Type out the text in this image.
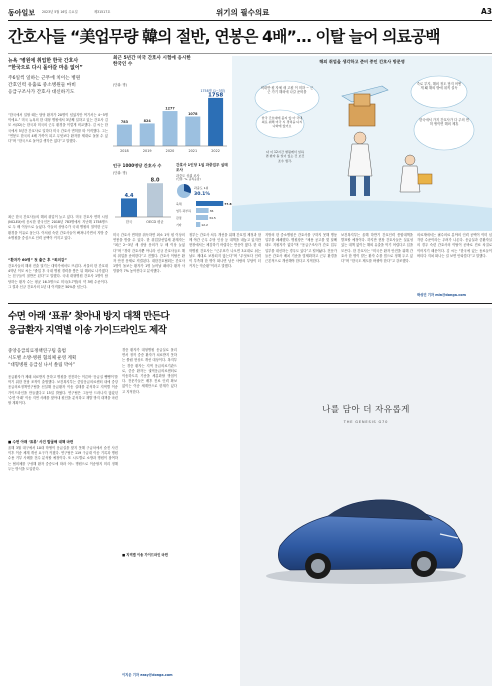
동아일보 2023년 5월 16일 수요일	제31517호	위기의 필수의료	A3
간호사들 “美업무량 韓의 절반, 연봉은 4배”… 이탈 늘어 의료공백
뉴욕 ‘병원에 취업한 한국 간호사
“한국으로 다시 돌아갈 마음 없어”
주6일씩 일하는 근무에 치이는 병원
간호인력 유출로 중소병원들 마비
응급구조사가 간호사 대신하기도
“한국에서 일할 때는 담당 환자가 20명이 넘었지만 여기서는 4~5명이에요.” 미국 뉴욕의 한 대형 병원에서 3년째 일하고 있는 간호사 김모 씨(32)는 한국과 미국의 근무 환경을 이렇게 비교했다. 김 씨는 한국에서 5년간 간호사로 일하다 미국 간호사 면허를 따 이직했다. 그는 “연봉도 한국의 4배 가까이 되고 무엇보다 환자를 제대로 돌볼 수 있다”며 “한국으로 돌아갈 생각은 없다”고 말했다.
최근 한국 간호사들의 해외 취업이 늘고 있다. 미국 간호사 면허 시험(NCLEX)에 응시한 한국인은 2018년 783명에서 지난해 1758명으로 두 배 이상으로 늘었다. 이들의 상당수가 국내 병원의 열악한 근무 환경을 이유로 꼽는다. 이처럼 숙련 간호사들이 빠져나가면서 지방 중소병원을 중심으로 인력 공백이 커지고 있다.
최근 5년간 미국 간호사 시험에 응시한 한국인 수
(단위: 명)
783
2018
824
2019
1277
2020
1078
2021
1758
2022
1758명 (1~3월)
해외 취업을 생각하고 준비 중인 간호사 방문영
비대면·원 자체 새 고원 이 미하 ~ 근근 가기 해외에 나갈 준비를
한국 간호대에 붙지 않 아 국내 의료 위해 미국 시 경력을 다시 나와에 있어요
다 이 12시간 병원에서 일하면 환자 돌 일이 있는 건 보건 조수 생각.
죽로 부지, 해외 정도 닿지 어떻게 돼 해외 밖에 취직 설득
한국에서 가지 간호사가 다 주의 면허 생이면 해외 제휴
인구 1000명당 간호사 수
(단위: 명)
4.4
한국
8.0
OECD 평균
간호사 1인당 1일 과중업무 실태조사
과중도 상위 조사
(단위: %, 중복응답)
과중도 1위
30.1%
육체	77.8
업무 과부하	36
감정	34.5
기타	12.2
“환자가 60명” 첫 출근 후 “회의감”
간호사들의 해외 진출 열기는 대학가에서도 뜨겁다. 서울의 한 간호대 4학년 이모 씨는 “졸업 후 국내 병원 경력을 쌓은 뒤 해외로 나가겠다는 친구들이 절반은 된다”고 말했다. 국내 대형병원 간호사 1명이 담당하는 환자 수는 평균 16.3명으로 미국(5.7명)의 약 3배 수준이다. 그 결과 신규 간호사의 1년 내 이직률은 50%를 넘는다.
미국 간호사 면허를 취득하면 최소 1억 원 이상의 연봉을 받을 수 있다. 한 취업알선업체 관계자는 “최근 2~3년 새 상담 문의가 두 배 이상 늘었다”며 “경력 간호사뿐 아니라 신규 간호사들도 해외 취업을 준비한다”고 전했다. 간호사 이탈은 환자 안전 문제로 직결된다. 대한간호협회는 간호사 1명이 돌보는 환자가 1명 늘어날 때마다 환자 사망률이 7% 높아진다고 분석했다.
정부는 간호사 처우 개선을 위해 간호법 제정과 함께 야간 근무 수당 인상 등 대책을 내놓고 있지만 현장에서는 체감하기 어렵다는 반응이 많다. 한 대학병원 간호사는 “근무표가 나오면 3교대로 쉬는 날도 제대로 보장되지 않는다”며 “무엇보다 인력이 부족해 한 명이 떠나면 남은 사람의 부담이 더 커지는 악순환”이라고 말했다.
지방의 한 중소병원은 간호사를 구하지 못해 병동 일부를 폐쇄했다. 병원장은 “채용 공고를 몇 달째 내도 지원자가 없다”며 “응급구조사가 간호 업무 일부를 대신하는 경우도 있다”고 털어놨다. 전문가들은 간호사 배치 기준을 법제화하고 근무 환경을 근본적으로 개선해야 한다고 지적한다.
보건복지부는 올해 하반기 간호인력 종합대책을 발표할 예정이다. 하지만 현장 간호사들은 실효성 있는 대책 없이는 해외 유출을 막기 어렵다고 입을 모은다. 한 간호사는 “미국은 환자 안전을 위해 간호사 한 명이 맡는 환자 수를 법으로 정해 두고 있다”며 “한국도 제도를 바꿔야 한다”고 강조했다.
의료계에서는 필수의료 분야의 인력 공백이 이미 심각한 수준이라는 우려가 나온다. 응급실과 중환자실의 경우 숙련 간호사의 이탈이 곧바로 진료 차질로 이어지기 때문이다. 김 씨는 “한국에 있는 동료들이 버티다 지쳐 떠나는 걸 보면 안타깝다”고 말했다.
박성민 기자 min@donga.com
수면 아래 ‘표류’ 찾아내 방지 대책 만든다
응급환자 지역별 이송 가이드라인도 제작
중앙응급의료정책연구팀 출범
시도별 소방-병원 협의체 운영 계획
“대형병원 응급실 나서 쏠림 막아”
응급환자가 제때 치료받지 못하고 병원을 전전하는 이른바 ‘응급실 뺑뺑이’를 막기 위한 전담 조직이 출범했다. 보건복지부는 중앙응급의료센터 내에 중앙응급의료정책연구팀을 신설해 응급환자 이송 실태를 분석하고 지역별 이송 가이드라인을 만들겠다고 15일 밝혔다. 연구팀은 그동안 드러나지 않았던 ‘수면 아래’ 이송 지연 사례를 찾아내 원인을 분석하고 재발 방지 대책을 마련할 계획이다.
■ 수면 아래 ‘표류’ 사건 발굴해 대책 마련
올해 3월 대구에서 10대 학생이 응급실을 찾지 못해 구급차에서 숨진 사건 이후 이송 체계 개선 요구가 커졌다. 연구팀은 119 구급대 이송 기록과 병원 수용 거부 사례를 전수 분석할 예정이다. 또 시도별로 소방과 병원이 참여하는 협의체를 구성해 환자 중증도에 따라 어느 병원으로 이송할지 미리 정해 두는 방식을 도입한다.
경증 환자가 대형병원 응급실로 몰리면서 정작 중증 환자가 치료받지 못하는 쏠림 현상도 개선 대상이다. 복지부는 경증 환자는 지역 응급의료기관으로, 중증 환자는 권역응급의료센터로 이송하도록 기준을 세분화할 방침이다. 전문가들은 배후 진료 인력 확보 없이는 이송 체계만으로 한계가 있다고 지적한다.
■ 지역별 이송 가이드라인 마련
이지운 기자 easy@donga.com
나를 담아 더 자유롭게
THE GENESIS G70
